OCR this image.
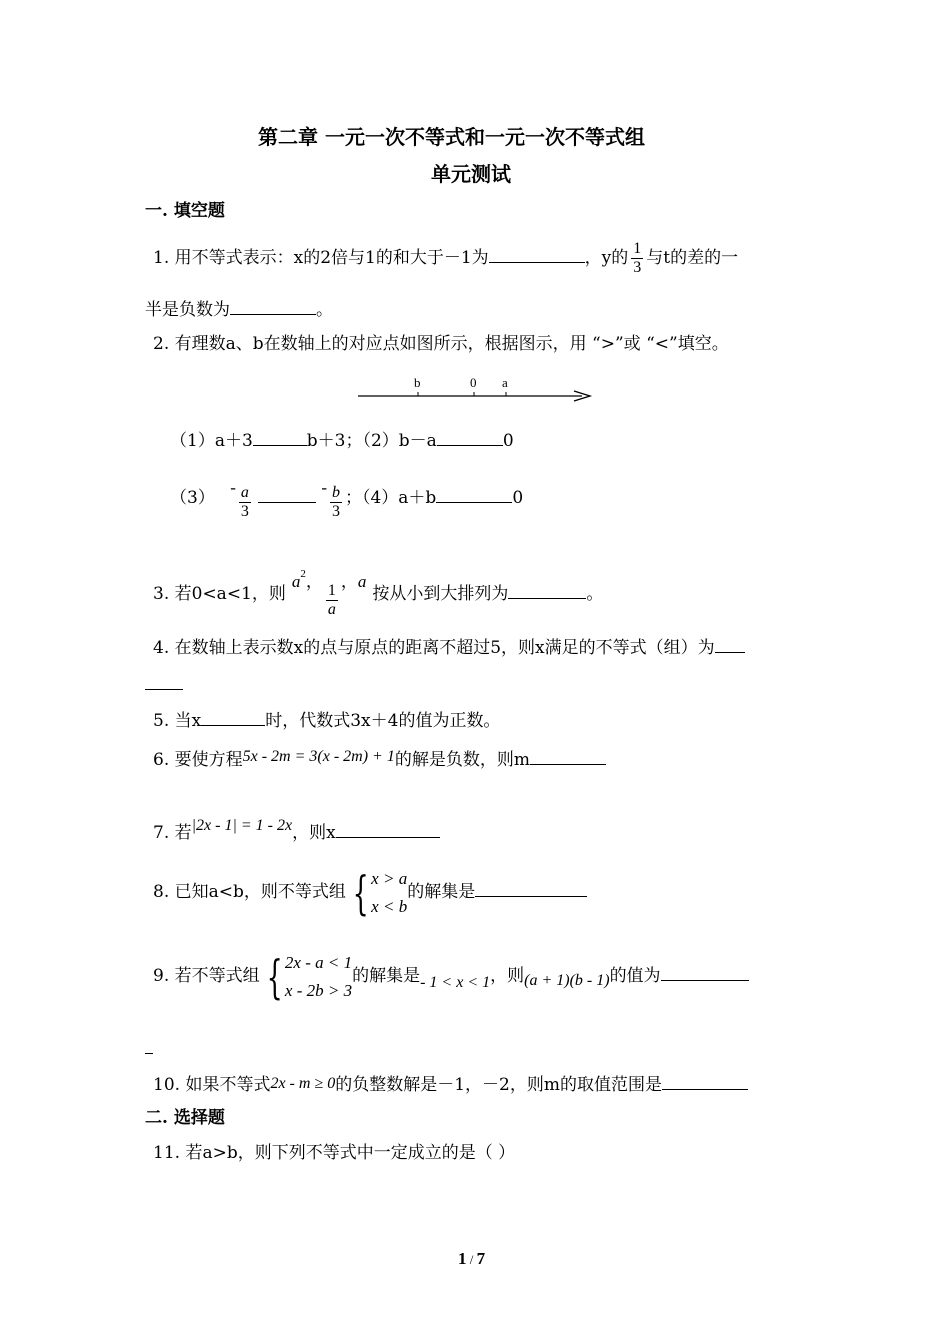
第二章 一元一次不等式和一元一次不等式组
单元测试
一. 填空题
1. 用不等式表示：x的2倍与1的和大于－1为	，y的 $\frac{1}{3}$ 与t的差的一
半是负数为	。
2. 有理数a、b在数轴上的对应点如图所示，根据图示，用 “>”或 “<”填空。
b	0 a
（1）a＋3	b＋3；（2）b－a	0
$(3) - \frac{a}{3}$	- $\frac{b}{3}$ ；（4）a＋b	0
3. 若0<a<1，则$a^2$， $\frac{1}{a}$ ，a按从小到大排列为	。
4. 在数轴上表示数x的点与原点的距离不超过5，则x满足的不等式（组）为
5. 当x	时，代数式3x＋4的值为正数。
6. 要使方程5x - 2m = 3(x - 2m) + 1的解是负数，则m
7. 若|2x - 1| = 1 - 2x，则x
8. 已知a<b，则不等式组 { x > a
x < b
的解集是
9. 若不等式组 { 2x - a < 1
x - 2b > 3
的解集是- 1 < x < 1，则(a + 1)(b - 1)的值为
10. 如果不等式2x - m ≥ 0的负整数解是－1，－2，则m的取值范围是
二. 选择题
11. 若a>b，则下列不等式中一定成立的是（ ）
1 / 7
